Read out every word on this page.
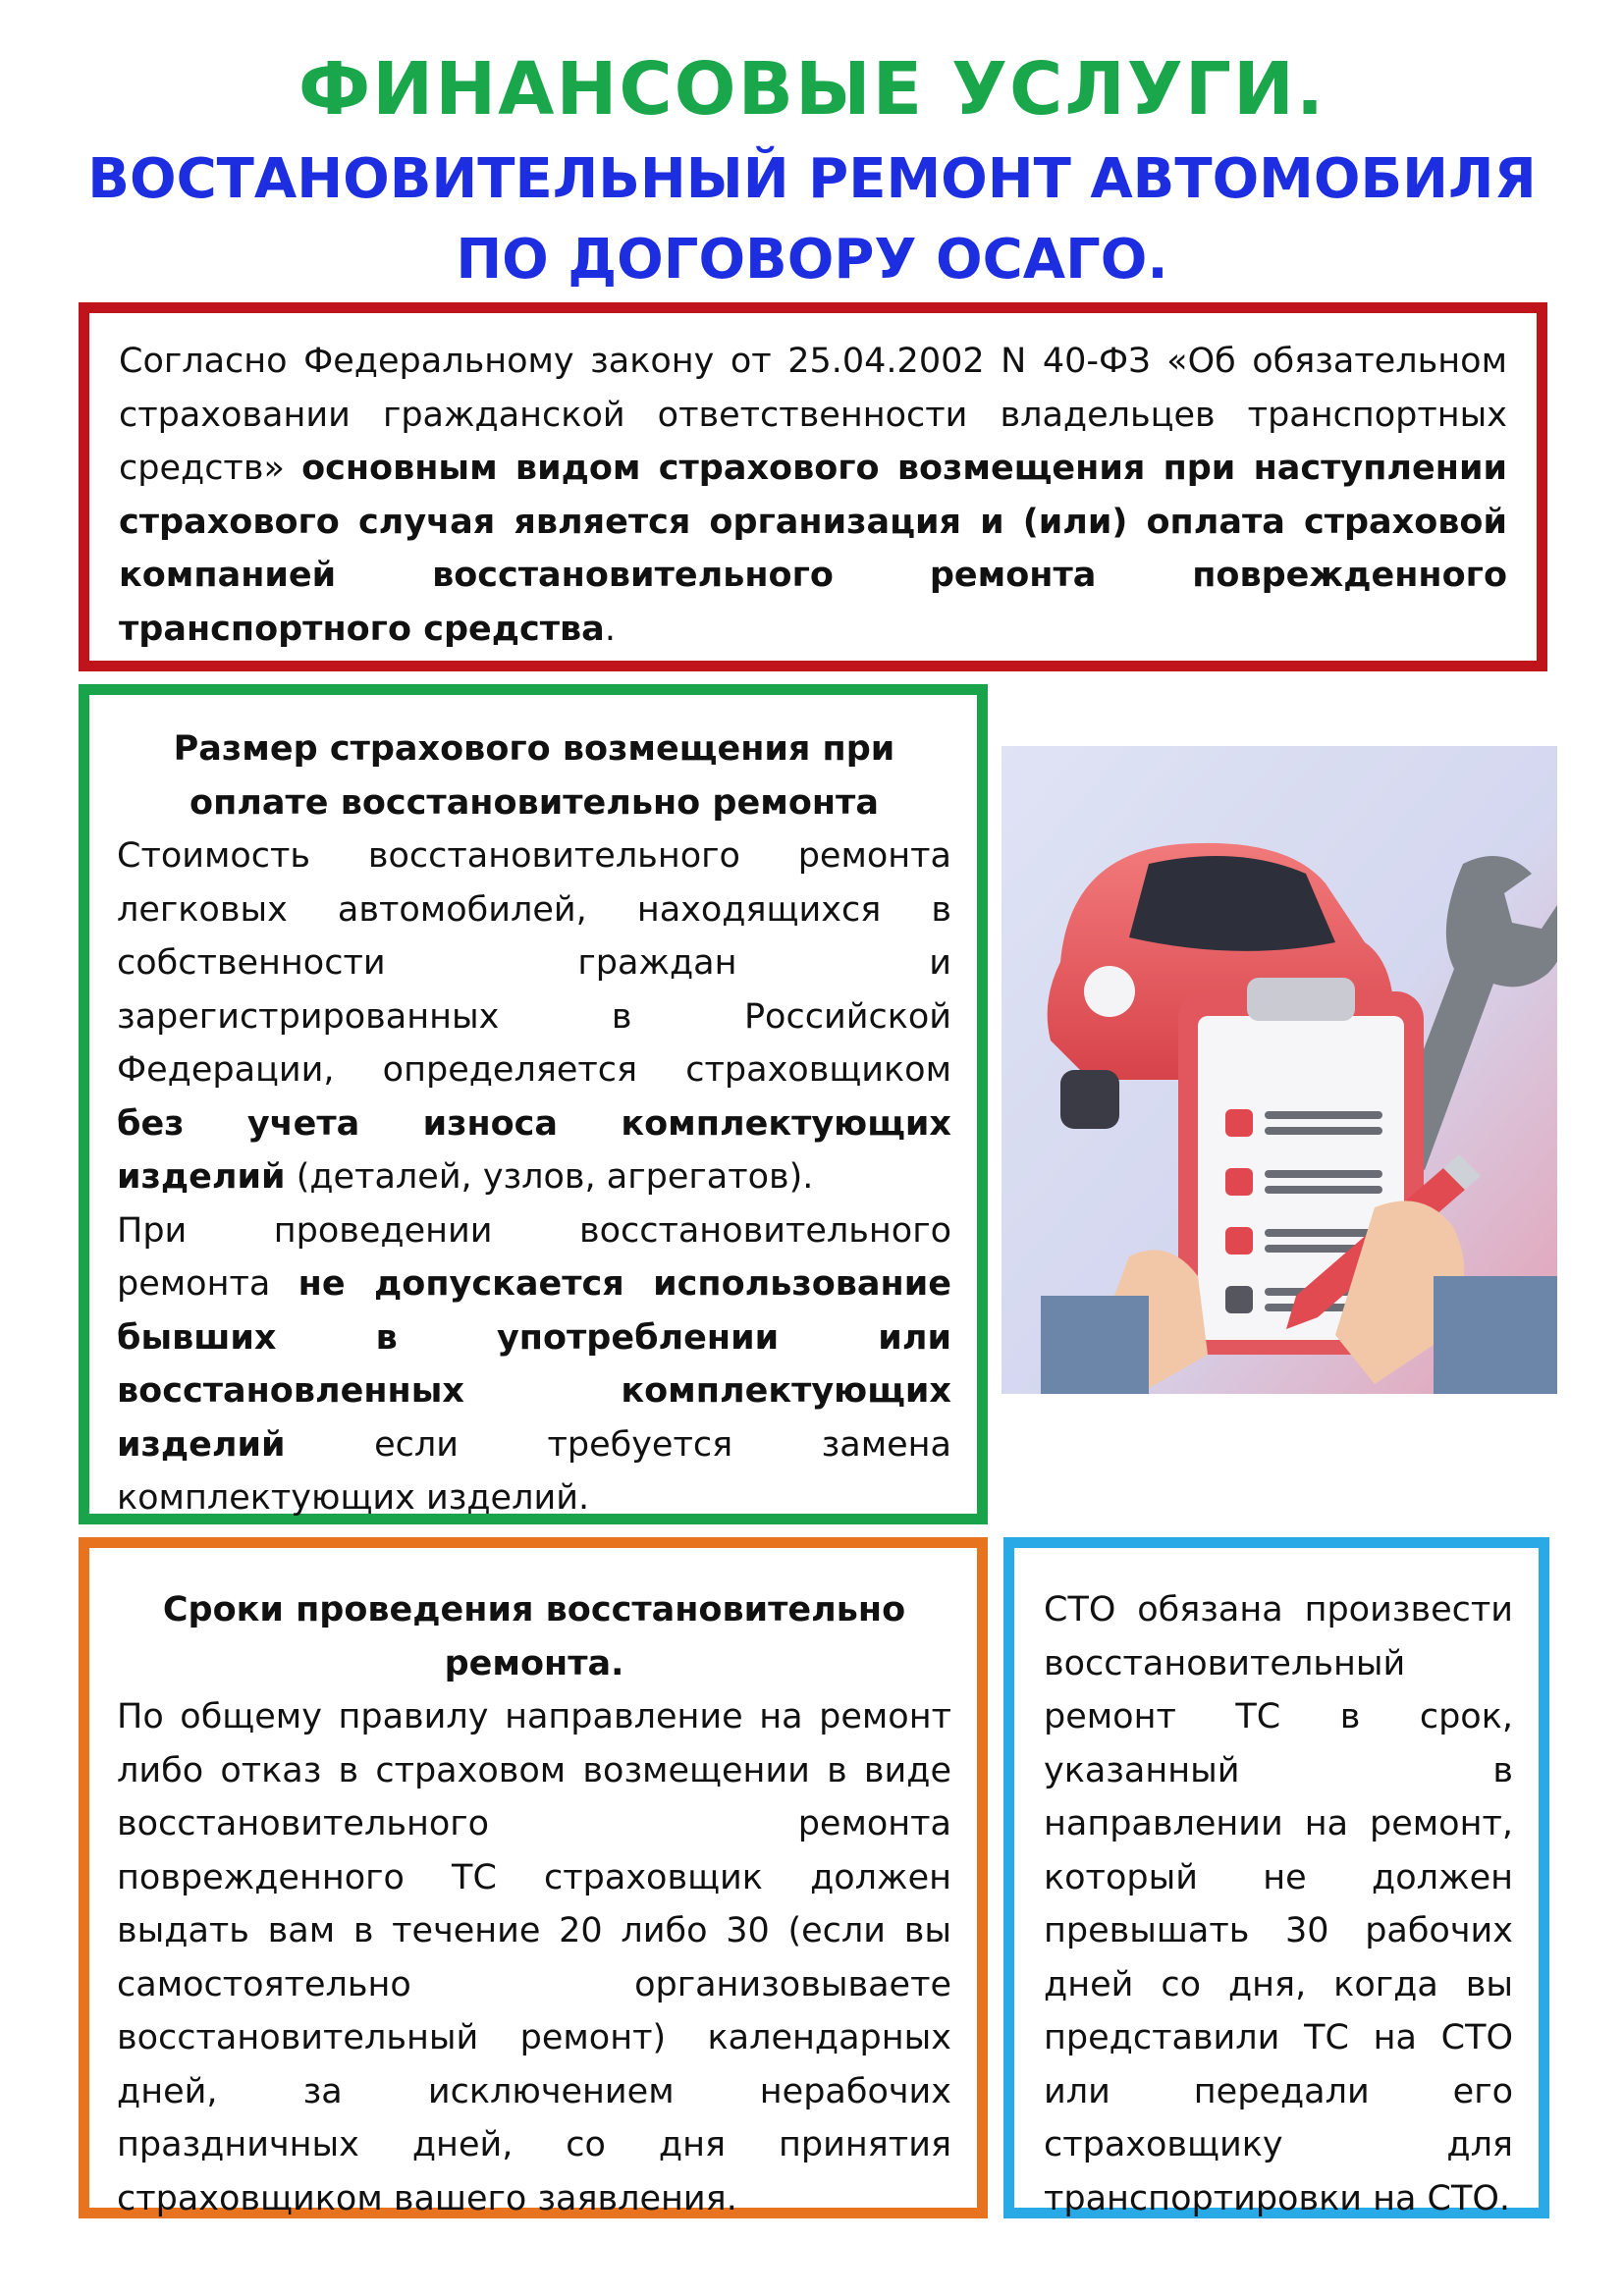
ФИНАНСОВЫЕ УСЛУГИ.
ВОСТАНОВИТЕЛЬНЫЙ РЕМОНТ АВТОМОБИЛЯ ПО ДОГОВОРУ ОСАГО.

Согласно Федеральному закону от 25.04.2002 N 40-ФЗ «Об обязательном страховании гражданской ответственности владельцев транспортных средств» основным видом страхового возмещения при наступлении страхового случая является организация и (или) оплата страховой компанией восстановительного ремонта поврежденного транспортного средства.

Размер страхового возмещения при оплате восстановительно ремонта

Стоимость восстановительного ремонта легковых автомобилей, находящихся в собственности граждан и зарегистрированных в Российской Федерации, определяется страховщиком без учета износа комплектующих изделий (деталей, узлов, агрегатов).

При проведении восстановительного ремонта не допускается использование бывших в употреблении или восстановленных комплектующих изделий если требуется замена комплектующих изделий.

Сроки проведения восстановительно ремонта.

По общему правилу направление на ремонт либо отказ в страховом возмещении в виде восстановительного ремонта поврежденного ТС страховщик должен выдать вам в течение 20 либо 30 (если вы самостоятельно организовываете восстановительный ремонт) календарных дней, за исключением нерабочих праздничных дней, со дня принятия страховщиком вашего заявления.

СТО обязана произвести восстановительный ремонт ТС в срок, указанный в направлении на ремонт, который не должен превышать 30 рабочих дней со дня, когда вы представили ТС на СТО или передали его страховщику для транспортировки на СТО.
